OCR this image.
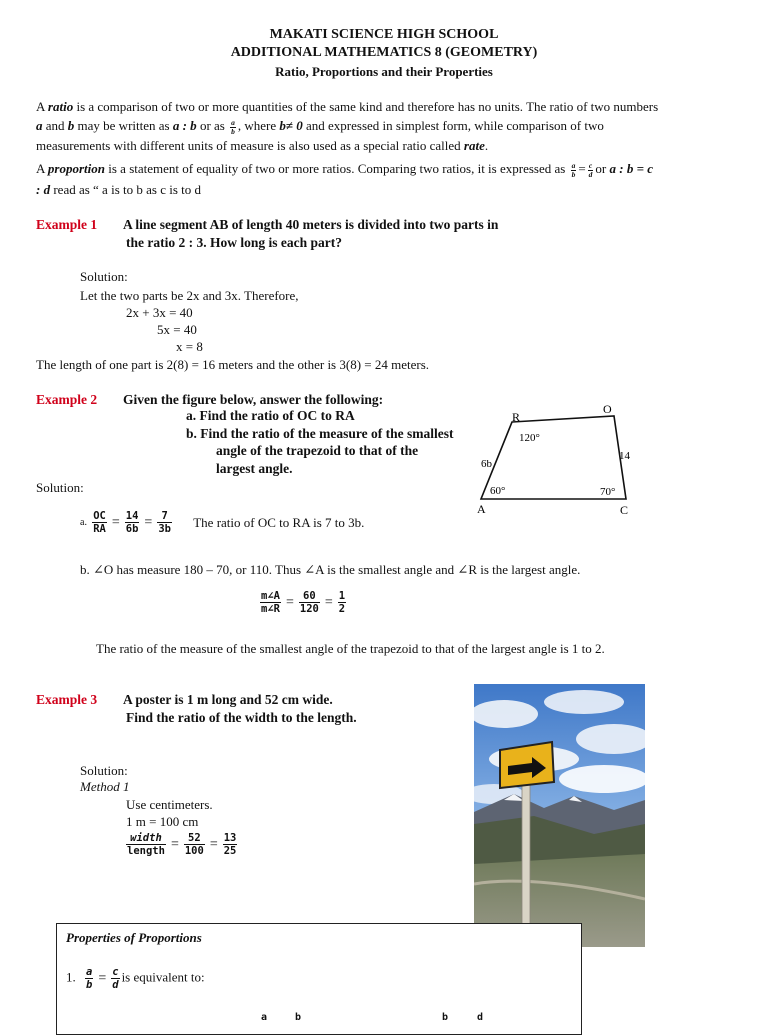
MAKATI SCIENCE HIGH SCHOOL
ADDITIONAL MATHEMATICS 8 (GEOMETRY)
Ratio, Proportions and their Properties
A ratio is a comparison of two or more quantities of the same kind and therefore has no units. The ratio of two numbers
a and b may be written as a : b or as $\frac{a}{b}$ , where b≠ 0 and expressed in simplest form, while comparison of two
measurements with different units of measure is also used as a special ratio called rate.
A proportion is a statement of equality of two or more ratios. Comparing two ratios, it is expressed as $\frac{a}{b} = \frac{c}{d}$ or a : b = c
: d read as “ a is to b as c is to d
Example 1 A line segment AB of length 40 meters is divided into two parts in
the ratio 2 : 3. How long is each part?
Solution:
Let the two parts be 2x and 3x. Therefore,
2x + 3x = 40
5x = 40
x = 8
The length of one part is 2(8) = 16 meters and the other is 3(8) = 24 meters.
Example 2 Given the figure below, answer the following:
a. Find the ratio of OC to RA
b. Find the ratio of the measure of the smallest
angle of the trapezoid to that of the
largest angle.
R
O
A	C
120°
60°	70°
6b
14
Solution:
a. $\frac{OC}{RA} = \frac{14}{6b} = \frac{7}{3b}$ The ratio of OC to RA is 7 to 3b.
b. ∠O has measure 180 – 70, or 110. Thus ∠A is the smallest angle and ∠R is the largest angle.
$\frac{m\angle A}{m\angle R} = \frac{60}{120} = \frac{1}{2}$
The ratio of the measure of the smallest angle of the trapezoid to that of the largest angle is 1 to 2.
Example 3 A poster is 1 m long and 52 cm wide.
Find the ratio of the width to the length.
Solution:
Method 1
Use centimeters.
1 m = 100 cm
$\frac{\text{width}}{\text{length}} = \frac{52}{100} = \frac{13}{25}$
Properties of Proportions
1. $\frac{a}{b} = \frac{c}{d}$ is equivalent to:
a	b	b	d
